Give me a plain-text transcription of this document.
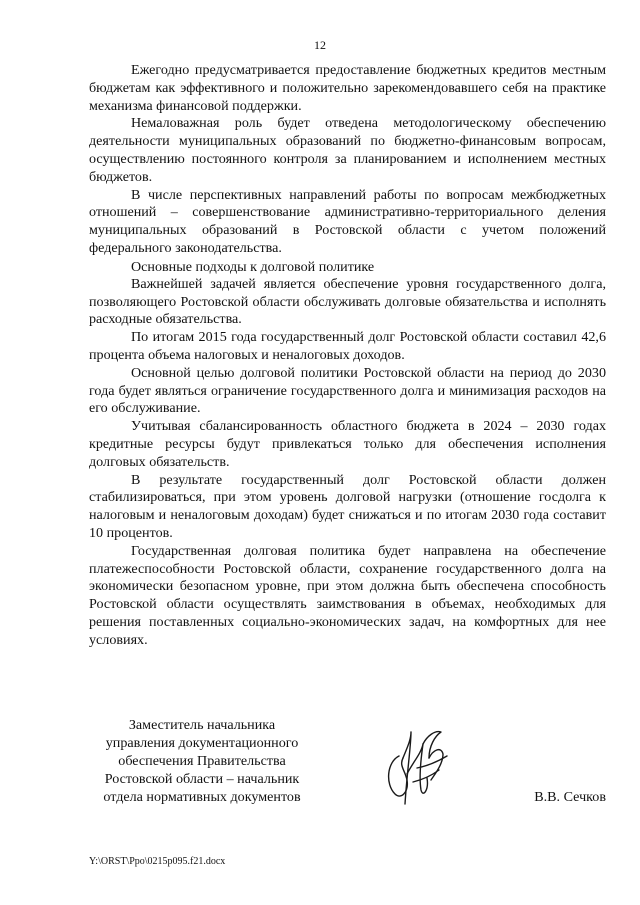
12

Ежегодно предусматривается предоставление бюджетных кредитов местным бюджетам как эффективного и положительно зарекомендовавшего себя на практике механизма финансовой поддержки.

Немаловажная роль будет отведена методологическому обеспечению деятельности муниципальных образований по бюджетно-финансовым вопросам, осуществлению постоянного контроля за планированием и исполнением местных бюджетов.

В числе перспективных направлений работы по вопросам межбюджетных отношений – совершенствование административно-территориального деления муниципальных образований в Ростовской области с учетом положений федерального законодательства.

Основные подходы к долговой политике

Важнейшей задачей является обеспечение уровня государственного долга, позволяющего Ростовской области обслуживать долговые обязательства и исполнять расходные обязательства.

По итогам 2015 года государственный долг Ростовской области составил 42,6 процента объема налоговых и неналоговых доходов.

Основной целью долговой политики Ростовской области на период до 2030 года будет являться ограничение государственного долга и минимизация расходов на его обслуживание.

Учитывая сбалансированность областного бюджета в 2024 – 2030 годах кредитные ресурсы будут привлекаться только для обеспечения исполнения долговых обязательств.

В результате государственный долг Ростовской области должен стабилизироваться, при этом уровень долговой нагрузки (отношение госдолга к налоговым и неналоговым доходам) будет снижаться и по итогам 2030 года составит 10 процентов.

Государственная долговая политика будет направлена на обеспечение платежеспособности Ростовской области, сохранение государственного долга на экономически безопасном уровне, при этом должна быть обеспечена способность Ростовской области осуществлять заимствования в объемах, необходимых для решения поставленных социально-экономических задач, на комфортных для нее условиях.

Заместитель начальника
управления документационного
обеспечения Правительства
Ростовской области – начальник
отдела нормативных документов	В.В. Сечков
Y:\ORST\Ppo\0215p095.f21.docx
